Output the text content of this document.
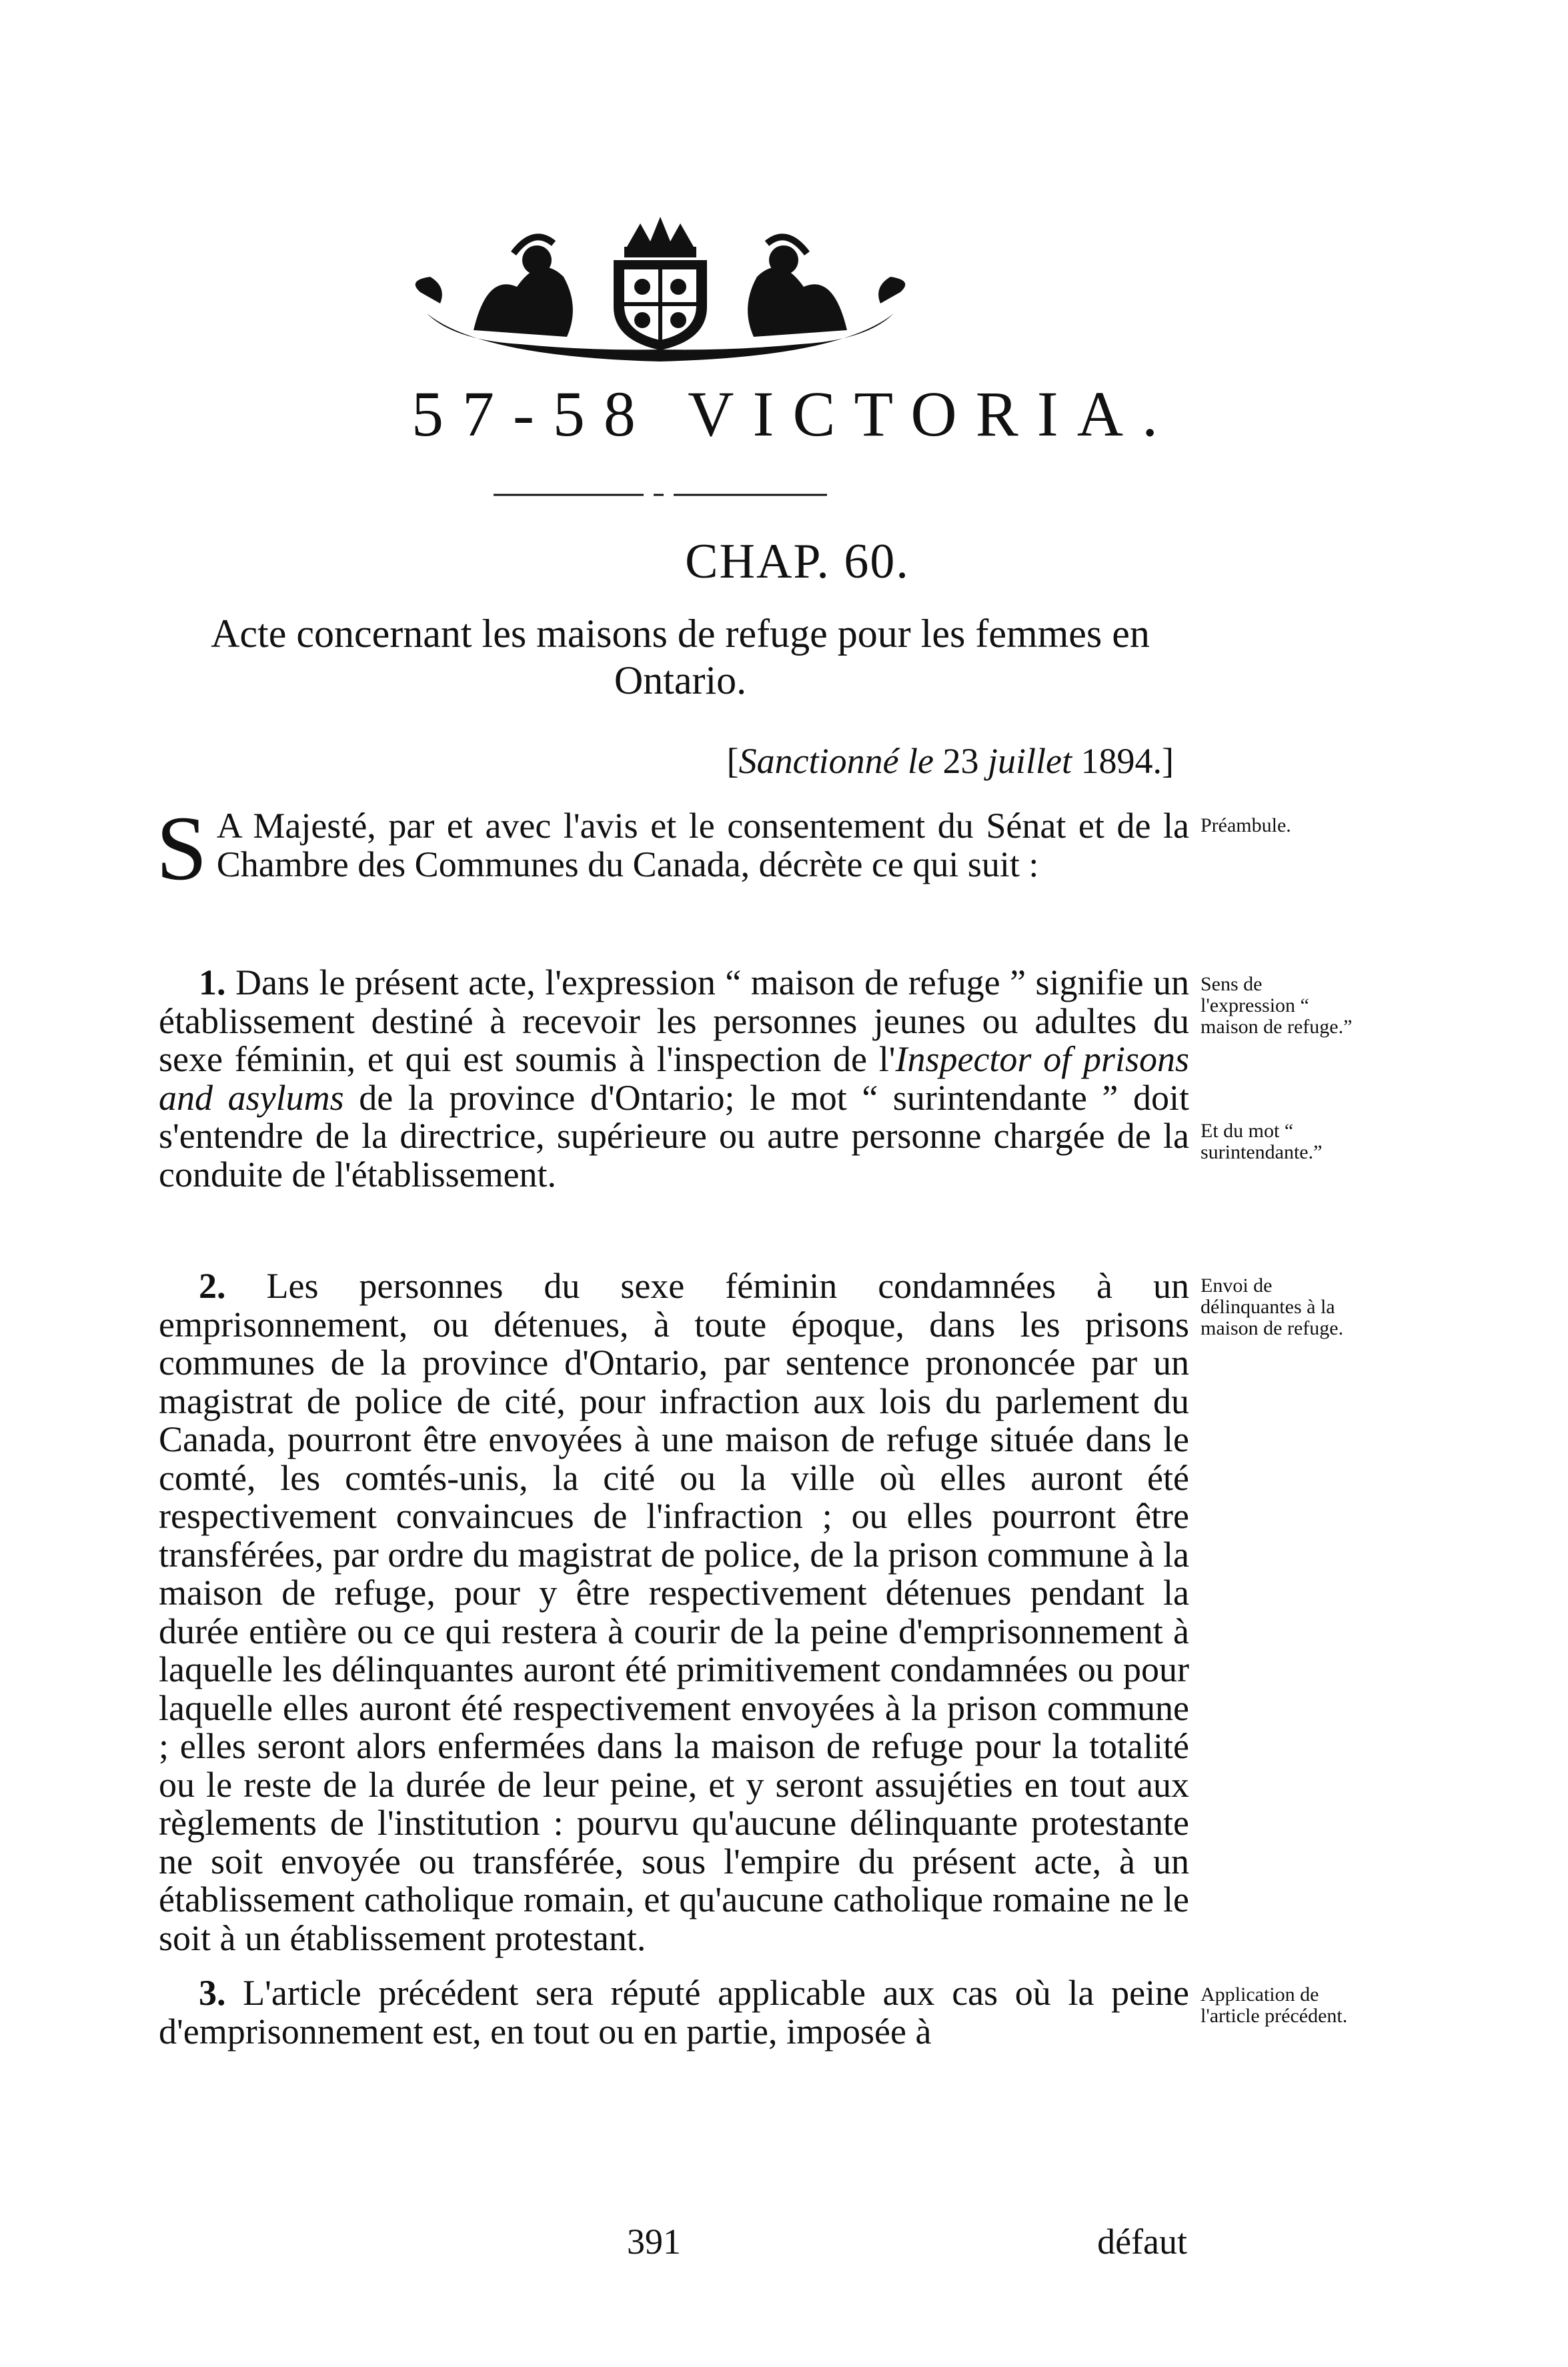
57-58 VICTORIA.
CHAP. 60.
Acte concernant les maisons de refuge pour les femmes en Ontario.
[Sanctionné le 23 juillet 1894.]

S A Majesté, par et avec l'avis et le consentement du Sénat et de la Chambre des Communes du Canada, décrète ce qui suit :

Préambule.

1. Dans le présent acte, l'expression “ maison de refuge ” signifie un établissement destiné à recevoir les personnes jeunes ou adultes du sexe féminin, et qui est soumis à l'inspection de l'Inspector of prisons and asylums de la province d'Ontario; le mot “ surintendante ” doit s'entendre de la directrice, supérieure ou autre personne chargée de la conduite de l'établissement.

Sens de l'expression “ maison de refuge.”
Et du mot “ surintendante.”

2. Les personnes du sexe féminin condamnées à un emprisonnement, ou détenues, à toute époque, dans les prisons communes de la province d'Ontario, par sentence prononcée par un magistrat de police de cité, pour infraction aux lois du parlement du Canada, pourront être envoyées à une maison de refuge située dans le comté, les comtés-unis, la cité ou la ville où elles auront été respectivement convaincues de l'infraction ; ou elles pourront être transférées, par ordre du magistrat de police, de la prison commune à la maison de refuge, pour y être respectivement détenues pendant la durée entière ou ce qui restera à courir de la peine d'emprisonnement à laquelle les délinquantes auront été primitivement condamnées ou pour laquelle elles auront été respectivement envoyées à la prison commune ; elles seront alors enfermées dans la maison de refuge pour la totalité ou le reste de la durée de leur peine, et y seront assujéties en tout aux règlements de l'institution : pourvu qu'aucune délinquante protestante ne soit envoyée ou transférée, sous l'empire du présent acte, à un établissement catholique romain, et qu'aucune catholique romaine ne le soit à un établissement protestant.

Envoi de délinquantes à la maison de refuge.

3. L'article précédent sera réputé applicable aux cas où la peine d'emprisonnement est, en tout ou en partie, imposée à

Application de l'article précédent.
391	défaut
